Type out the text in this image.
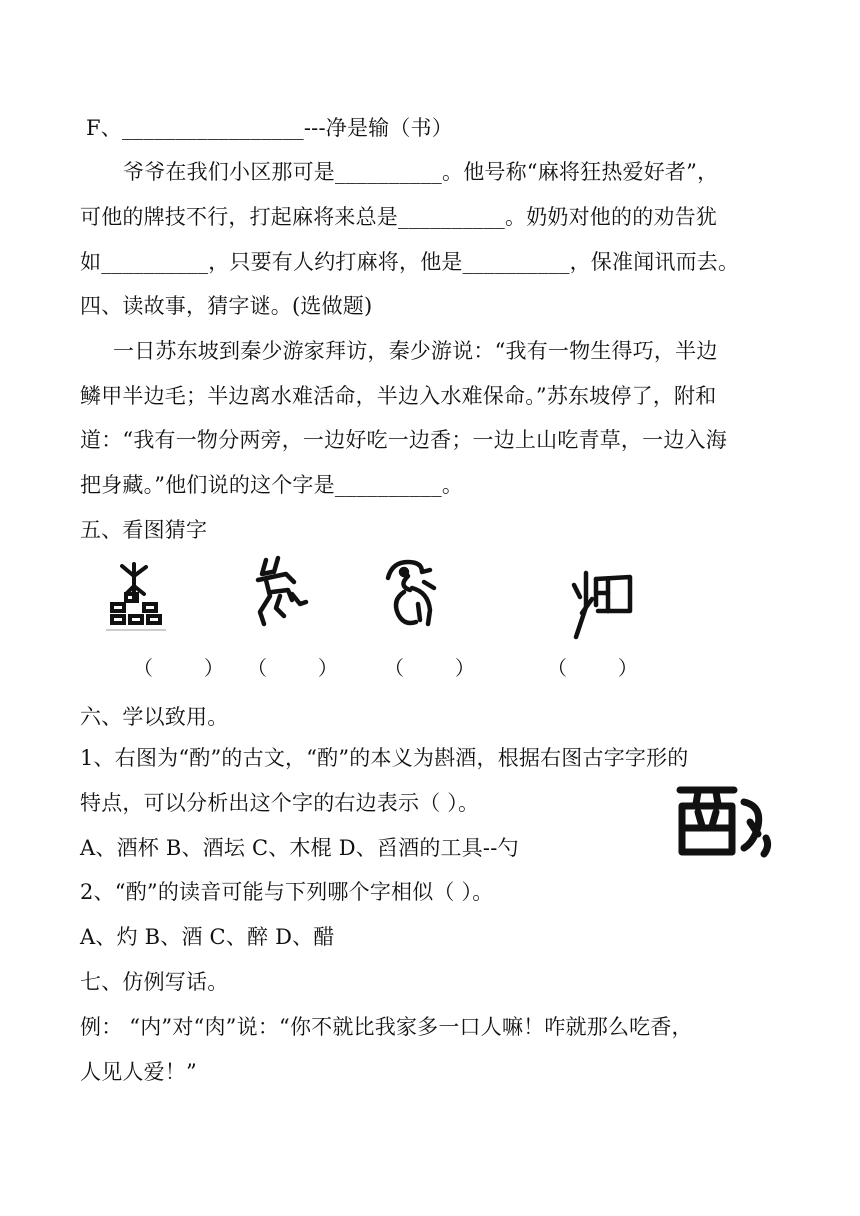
F、_________________---净是输（书）
爷爷在我们小区那可是__________。他号称“麻将狂热爱好者”，
可他的牌技不行，打起麻将来总是__________。奶奶对他的的劝告犹
如__________，只要有人约打麻将，他是__________，保准闻讯而去。
四、读故事，猜字谜。(选做题)
一日苏东坡到秦少游家拜访，秦少游说：“我有一物生得巧，半边
鳞甲半边毛；半边离水难活命，半边入水难保命。”苏东坡停了，附和
道：“我有一物分两旁，一边好吃一边香；一边上山吃青草，一边入海
把身藏。”他们说的这个字是__________。
五、看图猜字
（        ） （        ） （        ）	（        ）
六、学以致用。
1、右图为“酌”的古文，“酌”的本义为斟酒，根据右图古字字形的
特点，可以分析出这个字的右边表示（ ）。
A、酒杯 B、酒坛 C、木棍 D、舀酒的工具--勺
2、“酌”的读音可能与下列哪个字相似（ ）。
A、灼 B、酒 C、醉 D、醋
七、仿例写话。
例： “内”对“肉”说：“你不就比我家多一口人嘛！咋就那么吃香，
人见人爱！”
